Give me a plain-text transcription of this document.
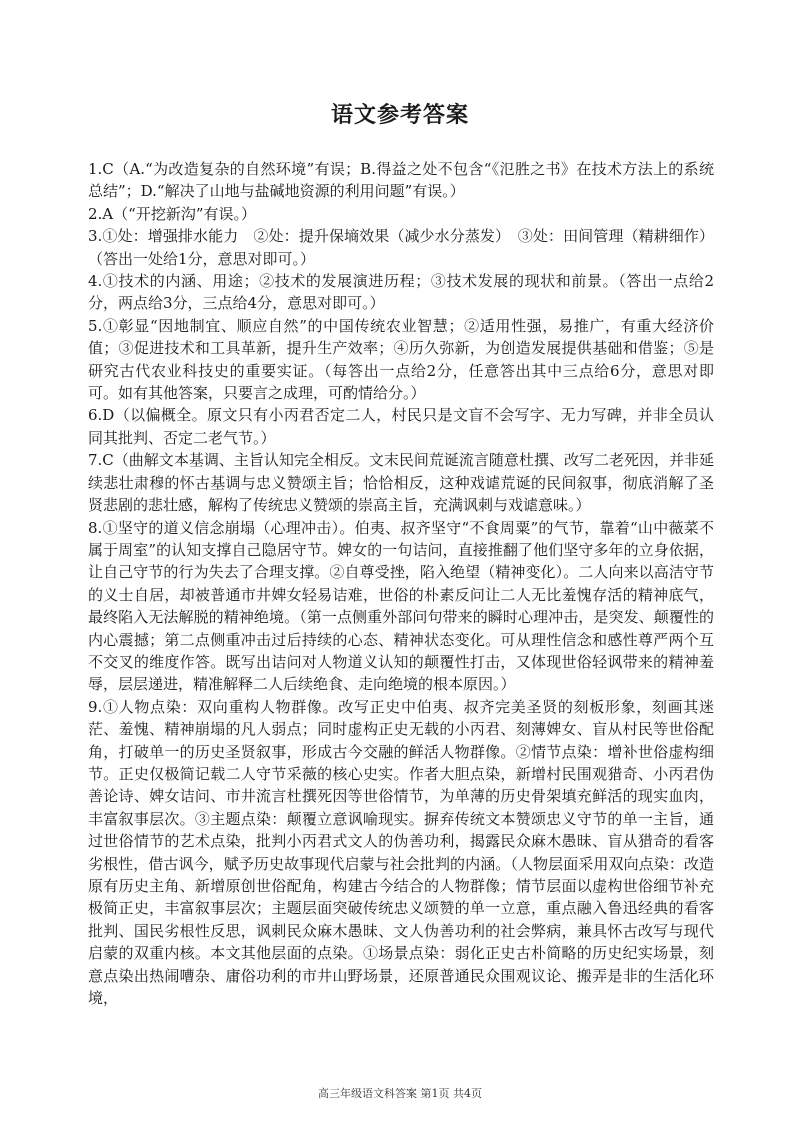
语文参考答案

1.C（A.“为改造复杂的自然环境”有误；B.得益之处不包含“《氾胜之书》在技术方法上的系统总结”；D.“解决了山地与盐碱地资源的利用问题”有误。）

2.A（“开挖新沟”有误。）

3.①处：增强排水能力　②处：提升保墒效果（减少水分蒸发）　③处：田间管理（精耕细作）（答出一处给1分，意思对即可。）

4.①技术的内涵、用途；②技术的发展演进历程；③技术发展的现状和前景。（答出一点给2分，两点给3分，三点给4分，意思对即可。）

5.①彰显“因地制宜、顺应自然”的中国传统农业智慧；②适用性强，易推广，有重大经济价值；③促进技术和工具革新，提升生产效率；④历久弥新，为创造发展提供基础和借鉴；⑤是研究古代农业科技史的重要实证。（每答出一点给2分，任意答出其中三点给6分，意思对即可。如有其他答案，只要言之成理，可酌情给分。）

6.D（以偏概全。原文只有小丙君否定二人，村民只是文盲不会写字、无力写碑，并非全员认同其批判、否定二老气节。）

7.C（曲解文本基调、主旨认知完全相反。文末民间荒诞流言随意杜撰、改写二老死因，并非延续悲壮肃穆的怀古基调与忠义赞颂主旨；恰恰相反，这种戏谑荒诞的民间叙事，彻底消解了圣贤悲剧的悲壮感，解构了传统忠义赞颂的崇高主旨，充满讽刺与戏谑意味。）

8.①坚守的道义信念崩塌（心理冲击）。伯夷、叔齐坚守“不食周粟”的气节，靠着“山中薇菜不属于周室”的认知支撑自己隐居守节。婢女的一句诘问，直接推翻了他们坚守多年的立身依据，让自己守节的行为失去了合理支撑。②自尊受挫，陷入绝望（精神变化）。二人向来以高洁守节的义士自居，却被普通市井婢女轻易诘难，世俗的朴素反问让二人无比羞愧存活的精神底气，最终陷入无法解脱的精神绝境。（第一点侧重外部问句带来的瞬时心理冲击，是突发、颠覆性的内心震撼；第二点侧重冲击过后持续的心态、精神状态变化。可从理性信念和感性尊严两个互不交叉的维度作答。既写出诘问对人物道义认知的颠覆性打击，又体现世俗轻讽带来的精神羞辱，层层递进，精准解释二人后续绝食、走向绝境的根本原因。）

9.①人物点染：双向重构人物群像。改写正史中伯夷、叔齐完美圣贤的刻板形象，刻画其迷茫、羞愧、精神崩塌的凡人弱点；同时虚构正史无载的小丙君、刻薄婢女、盲从村民等世俗配角，打破单一的历史圣贤叙事，形成古今交融的鲜活人物群像。②情节点染：增补世俗虚构细节。正史仅极简记载二人守节采薇的核心史实。作者大胆点染，新增村民围观猎奇、小丙君伪善论诗、婢女诘问、市井流言杜撰死因等世俗情节，为单薄的历史骨架填充鲜活的现实血肉，丰富叙事层次。③主题点染：颠覆立意讽喻现实。摒弃传统文本赞颂忠义守节的单一主旨，通过世俗情节的艺术点染，批判小丙君式文人的伪善功利，揭露民众麻木愚昧、盲从猎奇的看客劣根性，借古讽今，赋予历史故事现代启蒙与社会批判的内涵。（人物层面采用双向点染：改造原有历史主角、新增原创世俗配角，构建古今结合的人物群像；情节层面以虚构世俗细节补充极简正史，丰富叙事层次；主题层面突破传统忠义颂赞的单一立意，重点融入鲁迅经典的看客批判、国民劣根性反思，讽刺民众麻木愚昧、文人伪善功利的社会弊病，兼具怀古改写与现代启蒙的双重内核。本文其他层面的点染。①场景点染：弱化正史古朴简略的历史纪实场景，刻意点染出热闹嘈杂、庸俗功利的市井山野场景，还原普通民众围观议论、搬弄是非的生活化环境，

高三年级语文科答案 第1页 共4页
